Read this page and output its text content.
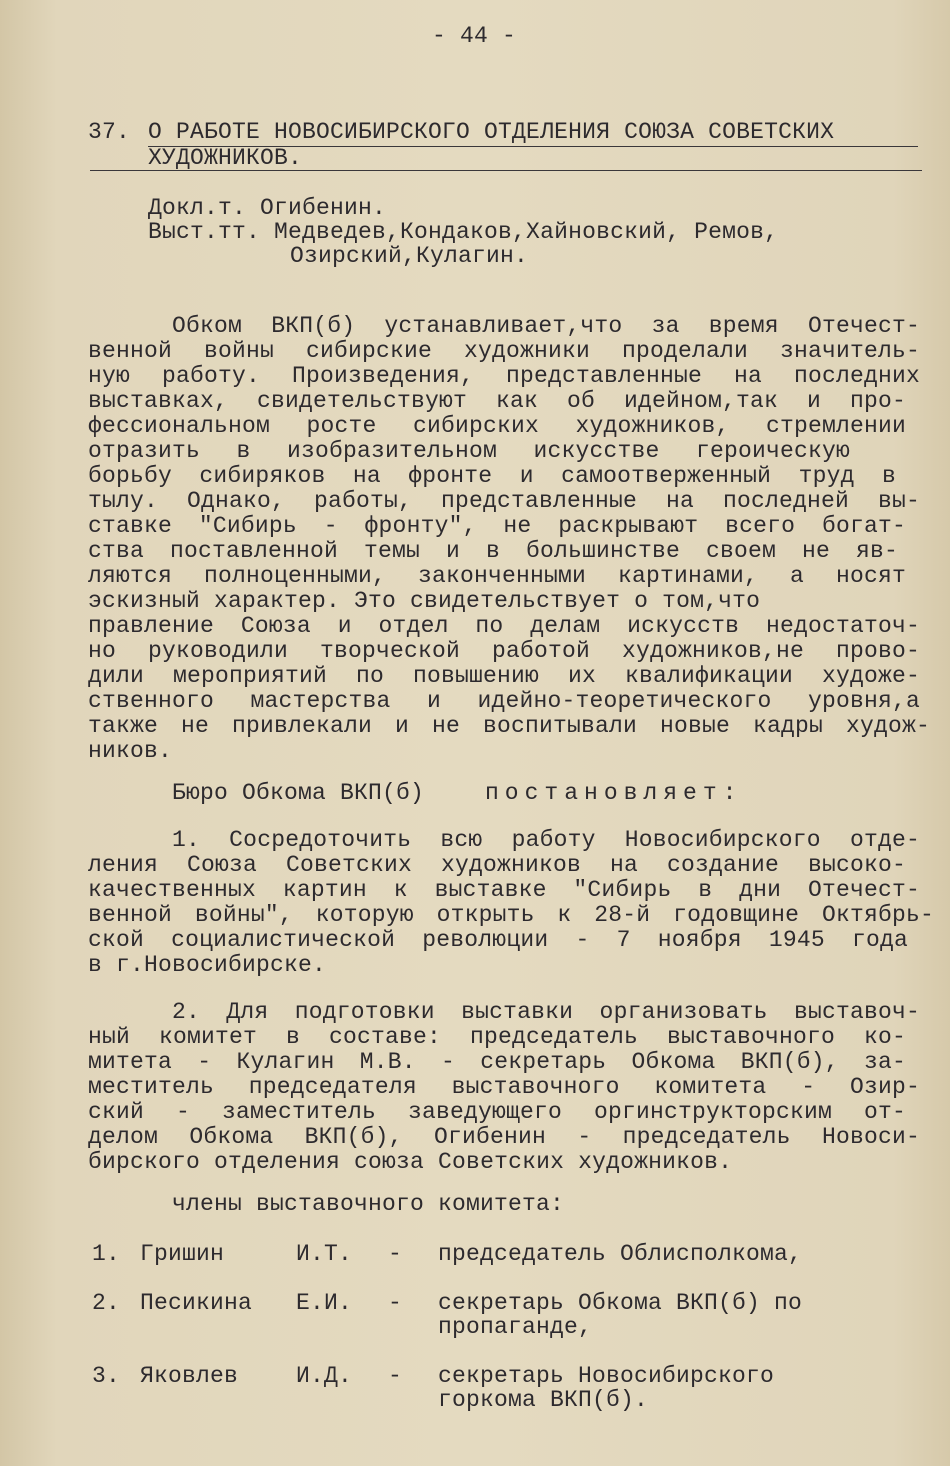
- 44 -
37. О РАБОТЕ НОВОСИБИРСКОГО ОТДЕЛЕНИЯ СОЮЗА СОВЕТСКИХ
ХУДОЖНИКОВ.
Докл.т. Огибенин.
Выст.тт. Медведев,Кондаков,Хайновский, Ремов,
Озирский,Кулагин.
Обком ВКП(б) устанавливает,что за время Отечест-
венной войны сибирские художники проделали значитель-
ную работу. Произведения, представленные на последних
выставках, свидетельствуют как об идейном,так и про-
фессиональном росте сибирских художников, стремлении
отразить в изобразительном искусстве героическую
борьбу сибиряков на фронте и самоотверженный труд в
тылу. Однако, работы, представленные на последней вы-
ставке "Сибирь - фронту", не раскрывают всего богат-
ства поставленной темы и в большинстве своем не яв-
ляются полноценными, законченными картинами, а носят
эскизный характер. Это свидетельствует о том,что
правление Союза и отдел по делам искусств недостаточ-
но руководили творческой работой художников,не прово-
дили мероприятий по повышению их квалификации художе-
ственного мастерства и идейно-теоретического уровня,а
также не привлекали и не воспитывали новые кадры худож-
ников.
Бюро Обкома ВКП(б)	постановляет:
1. Сосредоточить всю работу Новосибирского отде-
ления Союза Советских художников на создание высоко-
качественных картин к выставке "Сибирь в дни Отечест-
венной войны", которую открыть к 28-й годовщине Октябрь-
ской социалистической революции - 7 ноября 1945 года
в г.Новосибирске.
2. Для подготовки выставки организовать выставоч-
ный комитет в составе: председатель выставочного ко-
митета - Кулагин М.В. - секретарь Обкома ВКП(б), за-
меститель председателя выставочного комитета - Озир-
ский - заместитель заведующего оргинструкторским от-
делом Обкома ВКП(б), Огибенин - председатель Новоси-
бирского отделения союза Советских художников.
члены выставочного комитета:
1. Гришин	И.Т. - председатель Облисполкома,
2. Песикина Е.И. - секретарь Обкома ВКП(б) по
пропаганде,
3. Яковлев	И.Д. - секретарь Новосибирского
горкома ВКП(б).
